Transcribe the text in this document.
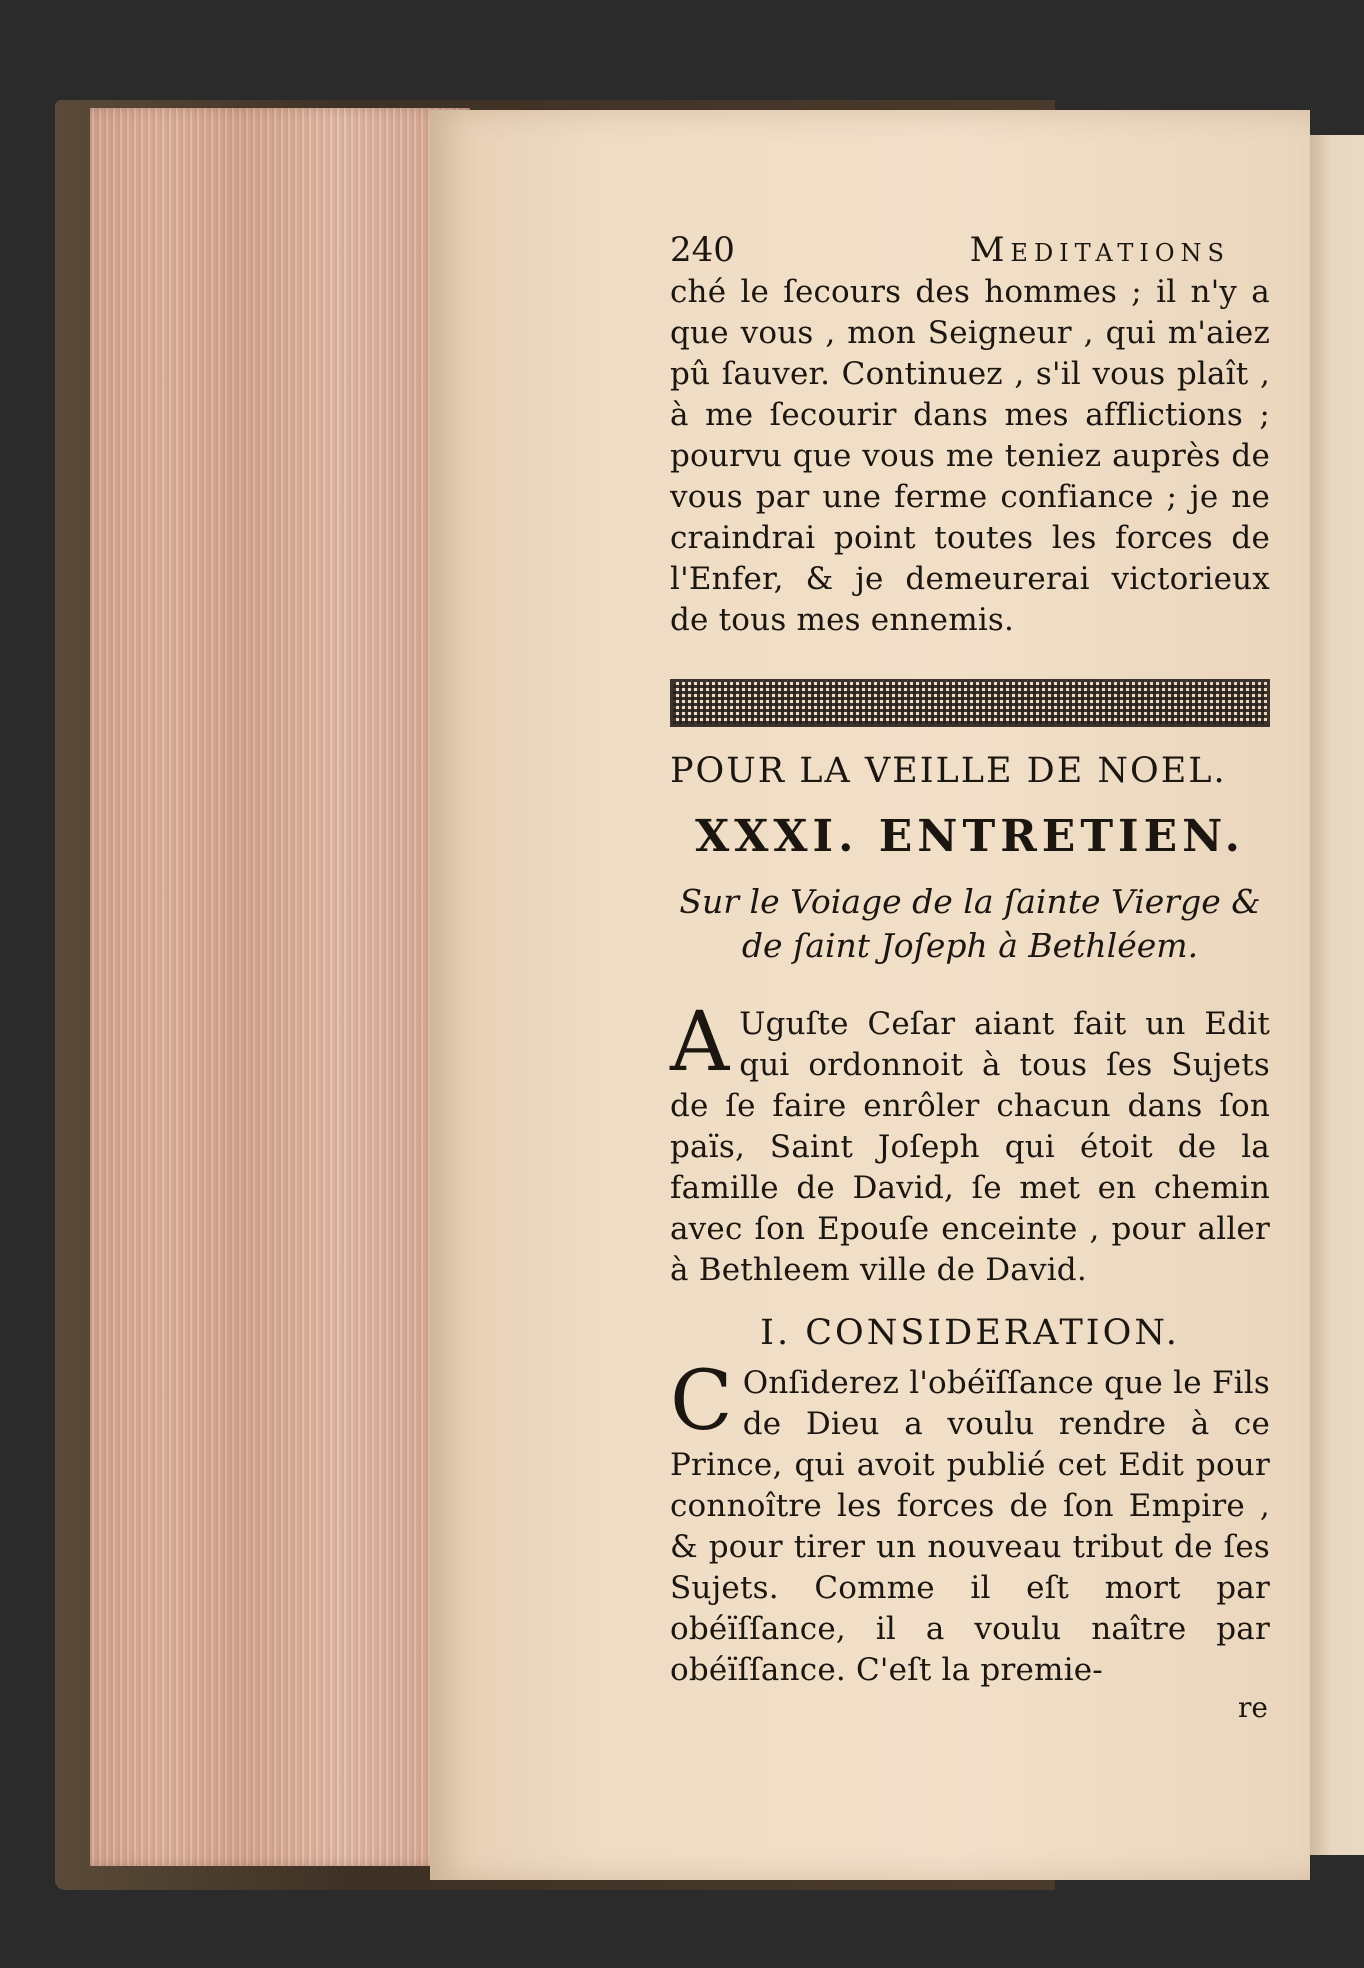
240	Meditations

ché le ſecours des hommes ; il n'y a que vous , mon Seigneur , qui m'aiez pû ſauver. Continuez , s'il vous plaît , à me ſecourir dans mes afflictions ; pourvu que vous me teniez auprès de vous par une ferme confiance ; je ne craindrai point toutes les forces de l'Enfer, & je demeurerai victorieux de tous mes ennemis.

POUR LA VEILLE DE NOEL.
XXXI. ENTRETIEN.
Sur le Voiage de la ſainte Vierge & de ſaint Joſeph à Bethléem.
A Uguſte Ceſar aiant fait un Edit qui ordonnoit à tous ſes Sujets de ſe faire enrôler chacun dans ſon païs, Saint Joſeph qui étoit de la famille de David, ſe met en chemin avec ſon Epouſe enceinte , pour aller à Bethleem ville de David.

I. CONSIDERATION.
C Onſiderez l'obéïſſance que le Fils de Dieu a voulu rendre à ce Prince, qui avoit publié cet Edit pour connoître les forces de ſon Empire , & pour tirer un nouveau tribut de ſes Sujets. Comme il eſt mort par obéïſſance, il a voulu naître par obéïſſance. C'eſt la premie-

re
